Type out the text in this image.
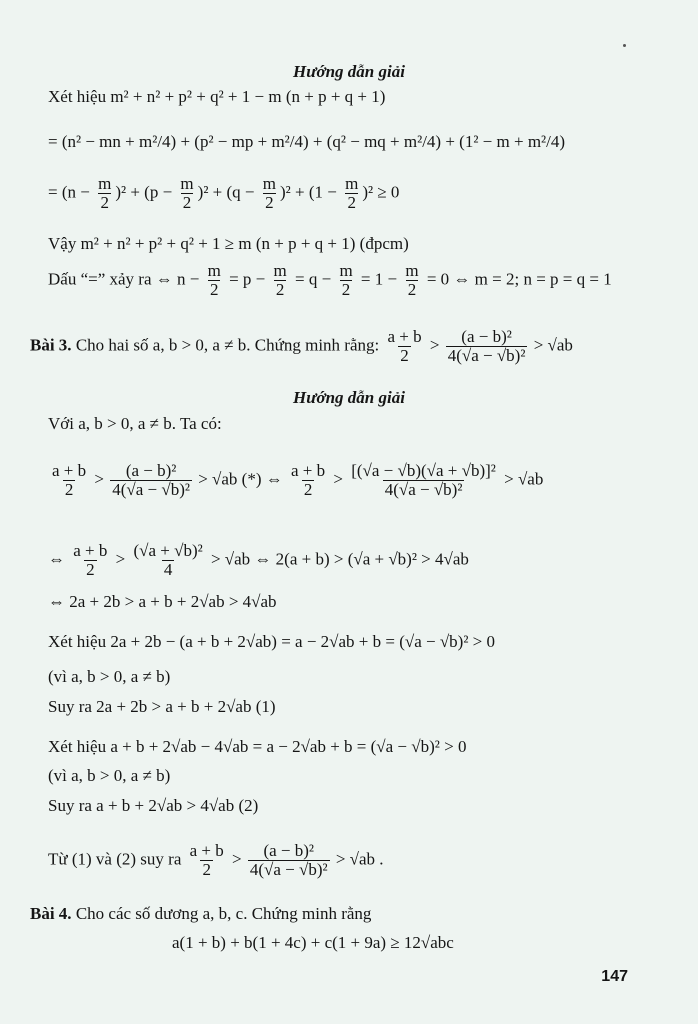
Hướng dẫn giải
Xét hiệu m² + n² + p² + q² + 1 − m (n + p + q + 1)
= (n² − mn + m²/4) + (p² − mp + m²/4) + (q² − mq + m²/4) + (1² − m + m²/4)
= $(n - \frac{m}{2} )^2 + (p - \frac{m}{2} )^2 + (q - \frac{m}{2} )^2 + (1 - \frac{m}{2} )^2 \ge 0$
Vậy m² + n² + p² + q² + 1 ≥ m (n + p + q + 1) (đpcm)
Dấu “=” xảy ra ⇔ $n - \frac{m}{2} = p - \frac{m}{2} = q - \frac{m}{2} = 1 - \frac{m}{2} = 0$ ⇔ m = 2; n = p = q = 1
Bài 3. Cho hai số a, b > 0, a ≠ b. Chứng minh rằng: $\frac{a + b}{2} > \frac{\text{(a − b)²}}{\text{4(√a − √b)²}} > √ab$
Hướng dẫn giải
Với a, b > 0, a ≠ b. Ta có:
$\frac{a + b}{2} > \frac{\text{(a − b)²}}{\text{4(√a − √b)²}} > √ab$ (*) ⇔ $\frac{a + b}{2} > \frac{\text{[(√a − √b)(√a + √b)]²}}{\text{4(√a − √b)²}} > √ab$
⇔ $\frac{a + b}{2} > \frac{\text{(√a + √b)²}}{4} > √ab$ ⇔ 2(a + b) > (√a + √b)² > 4√ab
⇔ 2a + 2b > a + b + 2√ab > 4√ab
Xét hiệu 2a + 2b − (a + b + 2√ab) = a − 2√ab + b = (√a − √b)² > 0
(vì a, b > 0, a ≠ b)
Suy ra 2a + 2b > a + b + 2√ab (1)
Xét hiệu a + b + 2√ab − 4√ab = a − 2√ab + b = (√a − √b)² > 0
(vì a, b > 0, a ≠ b)
Suy ra a + b + 2√ab > 4√ab (2)
Từ (1) và (2) suy ra $\frac{a + b}{2} > \frac{\text{(a − b)²}}{\text{4(√a − √b)²}} > √ab$ .
Bài 4. Cho các số dương a, b, c. Chứng minh rằng
a(1 + b) + b(1 + 4c) + c(1 + 9a) ≥ 12√abc
147
